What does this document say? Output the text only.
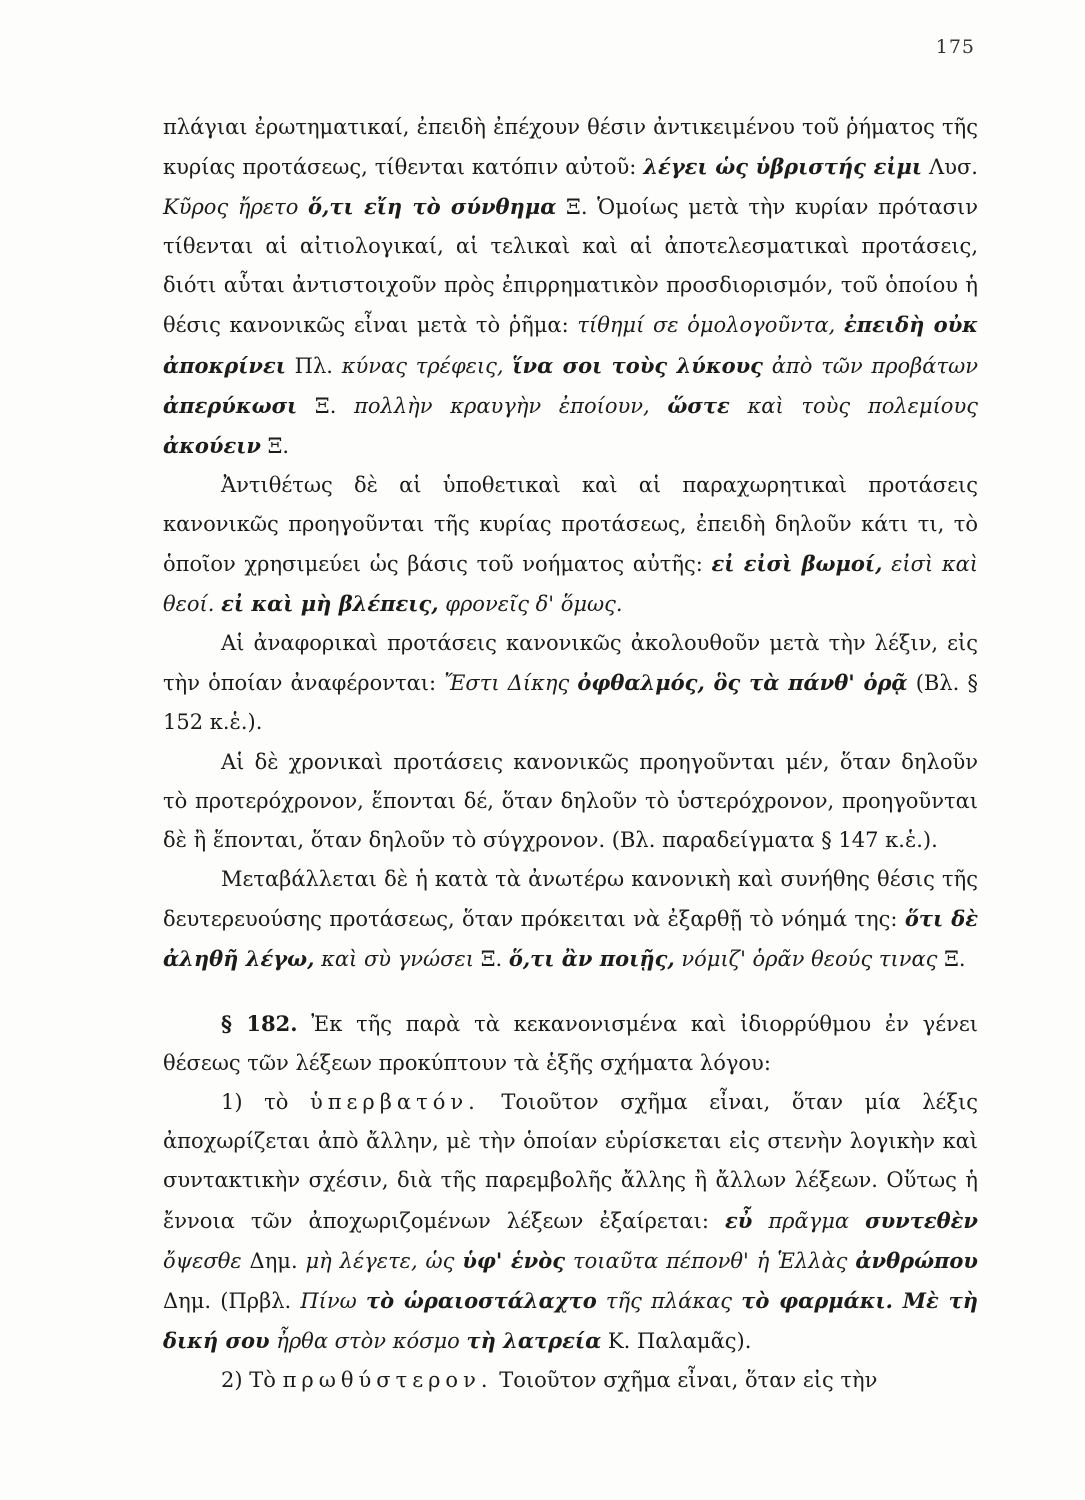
175

πλάγιαι ἐρωτηματικαί, ἐπειδὴ ἐπέχουν θέσιν ἀντικειμένου τοῦ ῥήματος τῆς κυρίας προτάσεως, τίθενται κατόπιν αὐτοῦ: λέγει ὡς ὑβριστής εἰμι Λυσ. Κῦρος ἤρετο ὅ,τι εἴη τὸ σύνθημα Ξ. Ὁμοίως μετὰ τὴν κυρίαν πρότασιν τίθενται αἱ αἰτιολογικαί, αἱ τελικαὶ καὶ αἱ ἀποτελεσματικαὶ προτάσεις, διότι αὗται ἀντιστοιχοῦν πρὸς ἐπιρρηματικὸν προσδιορισμόν, τοῦ ὁποίου ἡ θέσις κανονικῶς εἶναι μετὰ τὸ ῥῆμα: τίθημί σε ὁμολογοῦντα, ἐπειδὴ οὐκ ἀποκρίνει Πλ. κύνας τρέφεις, ἵνα σοι τοὺς λύκους ἀπὸ τῶν προβάτων ἀπερύκωσι Ξ. πολλὴν κραυγὴν ἐποίουν, ὥστε καὶ τοὺς πολεμίους ἀκούειν Ξ.

Ἀντιθέτως δὲ αἱ ὑποθετικαὶ καὶ αἱ παραχωρητικαὶ προτάσεις κανονικῶς προηγοῦνται τῆς κυρίας προτάσεως, ἐπειδὴ δηλοῦν κάτι τι, τὸ ὁποῖον χρησιμεύει ὡς βάσις τοῦ νοήματος αὐτῆς: εἰ εἰσὶ βωμοί, εἰσὶ καὶ θεοί. εἰ καὶ μὴ βλέπεις, φρονεῖς δ' ὅμως.

Αἱ ἀναφορικαὶ προτάσεις κανονικῶς ἀκολουθοῦν μετὰ τὴν λέξιν, εἰς τὴν ὁποίαν ἀναφέρονται: Ἔστι Δίκης ὀφθαλμός, ὃς τὰ πάνθ' ὁρᾷ (Βλ. § 152 κ.ἑ.).

Αἱ δὲ χρονικαὶ προτάσεις κανονικῶς προηγοῦνται μέν, ὅταν δηλοῦν τὸ προτερόχρονον, ἕπονται δέ, ὅταν δηλοῦν τὸ ὑστερόχρονον, προηγοῦνται δὲ ἢ ἕπονται, ὅταν δηλοῦν τὸ σύγχρονον. (Βλ. παραδείγματα § 147 κ.ἑ.).

Μεταβάλλεται δὲ ἡ κατὰ τὰ ἀνωτέρω κανονικὴ καὶ συνήθης θέσις τῆς δευτερευούσης προτάσεως, ὅταν πρόκειται νὰ ἐξαρθῇ τὸ νόημά της: ὅτι δὲ ἀληθῆ λέγω, καὶ σὺ γνώσει Ξ. ὅ,τι ἂν ποιῇς, νόμιζ' ὁρᾶν θεούς τινας Ξ.

§ 182. Ἐκ τῆς παρὰ τὰ κεκανονισμένα καὶ ἰδιορρύθμου ἐν γένει θέσεως τῶν λέξεων προκύπτουν τὰ ἑξῆς σχήματα λόγου:

1) τὸ ὑπερβατόν. Τοιοῦτον σχῆμα εἶναι, ὅταν μία λέξις ἀποχωρίζεται ἀπὸ ἄλλην, μὲ τὴν ὁποίαν εὑρίσκεται εἰς στενὴν λογικὴν καὶ συντακτικὴν σχέσιν, διὰ τῆς παρεμβολῆς ἄλλης ἢ ἄλλων λέξεων. Οὕτως ἡ ἔννοια τῶν ἀποχωριζομένων λέξεων ἐξαίρεται: εὖ πρᾶγμα συντεθὲν ὄψεσθε Δημ. μὴ λέγετε, ὡς ὑφ' ἑνὸς τοιαῦτα πέπονθ' ἡ Ἑλλὰς ἀνθρώπου Δημ. (Πρβλ. Πίνω τὸ ὡραιοστάλαχτο τῆς πλάκας τὸ φαρμάκι. Μὲ τὴ δική σου ἦρθα στὸν κόσμο τὴ λατρεία Κ. Παλαμᾶς).

2) Τὸ πρωθύστερον. Τοιοῦτον σχῆμα εἶναι, ὅταν εἰς τὴν
